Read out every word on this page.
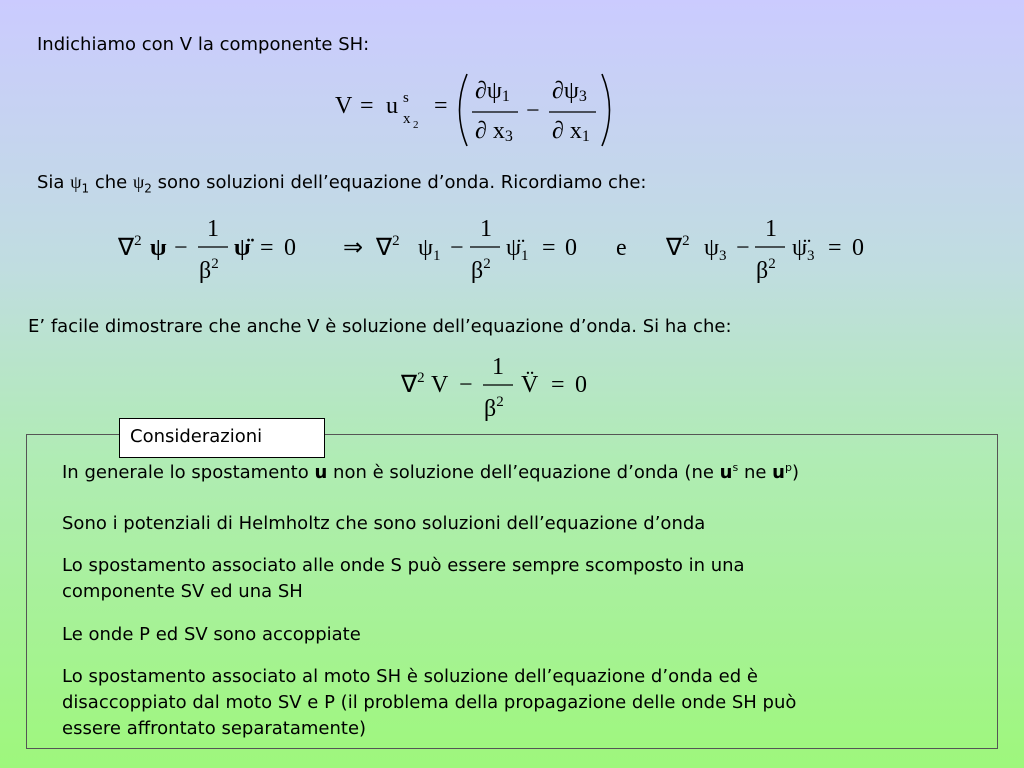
Indichiamo con V la componente SH:
V = u s
x 2
=
∂ψ1
∂ x3
−
∂ψ3
∂ x1
Sia $\psi_1$ che $\psi_2$ sono soluzioni dell’equazione d’onda. Ricordiamo che:
∇$^2$ ψ −
1
$\beta^2$
ψ̈ = 0 ⇒ ∇$^2$ $\psi_1$ −
1
$\beta^2$
$\psï_1 = 0$ e ∇$^2$ $\psi_3$ −
1
$\beta^2$
$\psï_3 = 0$
E’ facile dimostrare che anche V è soluzione dell’equazione d’onda. Si ha che:
∇$^2$ V −
1
$\beta^2$
V̈ = 0
Considerazioni
In generale lo spostamento u non è soluzione dell’equazione d’onda (ne $u^s$ ne $u^p$)
Sono i potenziali di Helmholtz che sono soluzioni dell’equazione d’onda
Lo spostamento associato alle onde S può essere sempre scomposto in una
componente SV ed una SH
Le onde P ed SV sono accoppiate
Lo spostamento associato al moto SH è soluzione dell’equazione d’onda ed è
disaccoppiato dal moto SV e P (il problema della propagazione delle onde SH può
essere affrontato separatamente)
